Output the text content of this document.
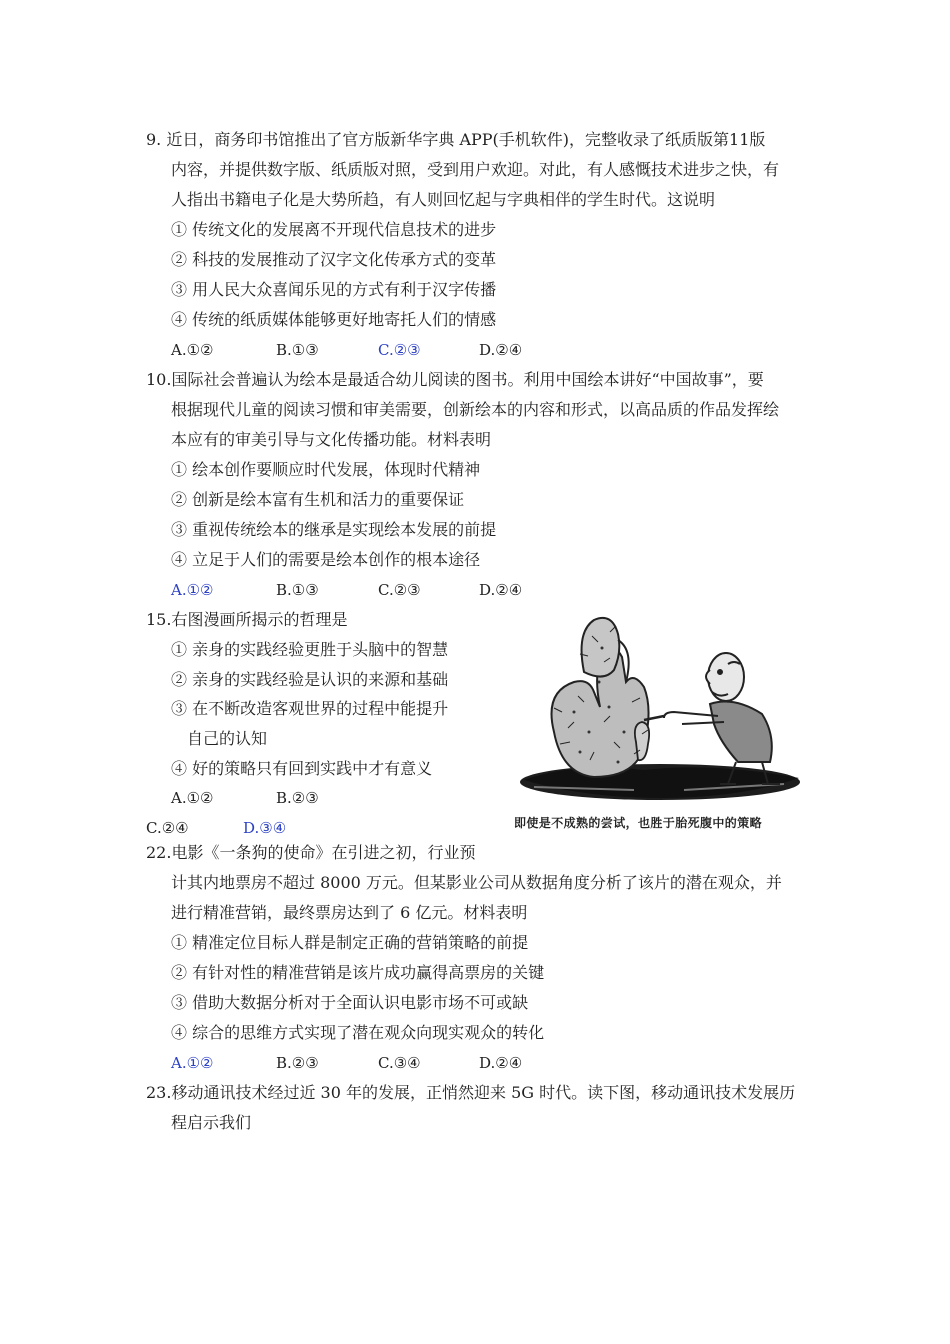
9. 近日，商务印书馆推出了官方版新华字典 APP(手机软件)，完整收录了纸质版第11版
内容，并提供数字版、纸质版对照，受到用户欢迎。对此，有人感慨技术进步之快，有
人指出书籍电子化是大势所趋，有人则回忆起与字典相伴的学生时代。这说明
① 传统文化的发展离不开现代信息技术的进步
② 科技的发展推动了汉字文化传承方式的变革
③ 用人民大众喜闻乐见的方式有利于汉字传播
④ 传统的纸质媒体能够更好地寄托人们的情感
A.①②	B.①③	C.②③	D.②④
10.国际社会普遍认为绘本是最适合幼儿阅读的图书。利用中国绘本讲好“中国故事”，要
根据现代儿童的阅读习惯和审美需要，创新绘本的内容和形式，以高品质的作品发挥绘
本应有的审美引导与文化传播功能。材料表明
① 绘本创作要顺应时代发展，体现时代精神
② 创新是绘本富有生机和活力的重要保证
③ 重视传统绘本的继承是实现绘本发展的前提
④ 立足于人们的需要是绘本创作的根本途径
A.①②	B.①③	C.②③	D.②④
15.右图漫画所揭示的哲理是
① 亲身的实践经验更胜于头脑中的智慧
② 亲身的实践经验是认识的来源和基础
③ 在不断改造客观世界的过程中能提升
自己的认知
④ 好的策略只有回到实践中才有意义
A.①②	B.②③
C.②④	D.③④	即使是不成熟的尝试，也胜于胎死腹中的策略
22.电影《一条狗的使命》在引进之初，行业预
计其内地票房不超过 8000 万元。但某影业公司从数据角度分析了该片的潜在观众，并
进行精准营销，最终票房达到了 6 亿元。材料表明
① 精准定位目标人群是制定正确的营销策略的前提
② 有针对性的精准营销是该片成功赢得高票房的关键
③ 借助大数据分析对于全面认识电影市场不可或缺
④ 综合的思维方式实现了潜在观众向现实观众的转化
A.①②	B.②③	C.③④	D.②④
23.移动通讯技术经过近 30 年的发展，正悄然迎来 5G 时代。读下图，移动通讯技术发展历
程启示我们
